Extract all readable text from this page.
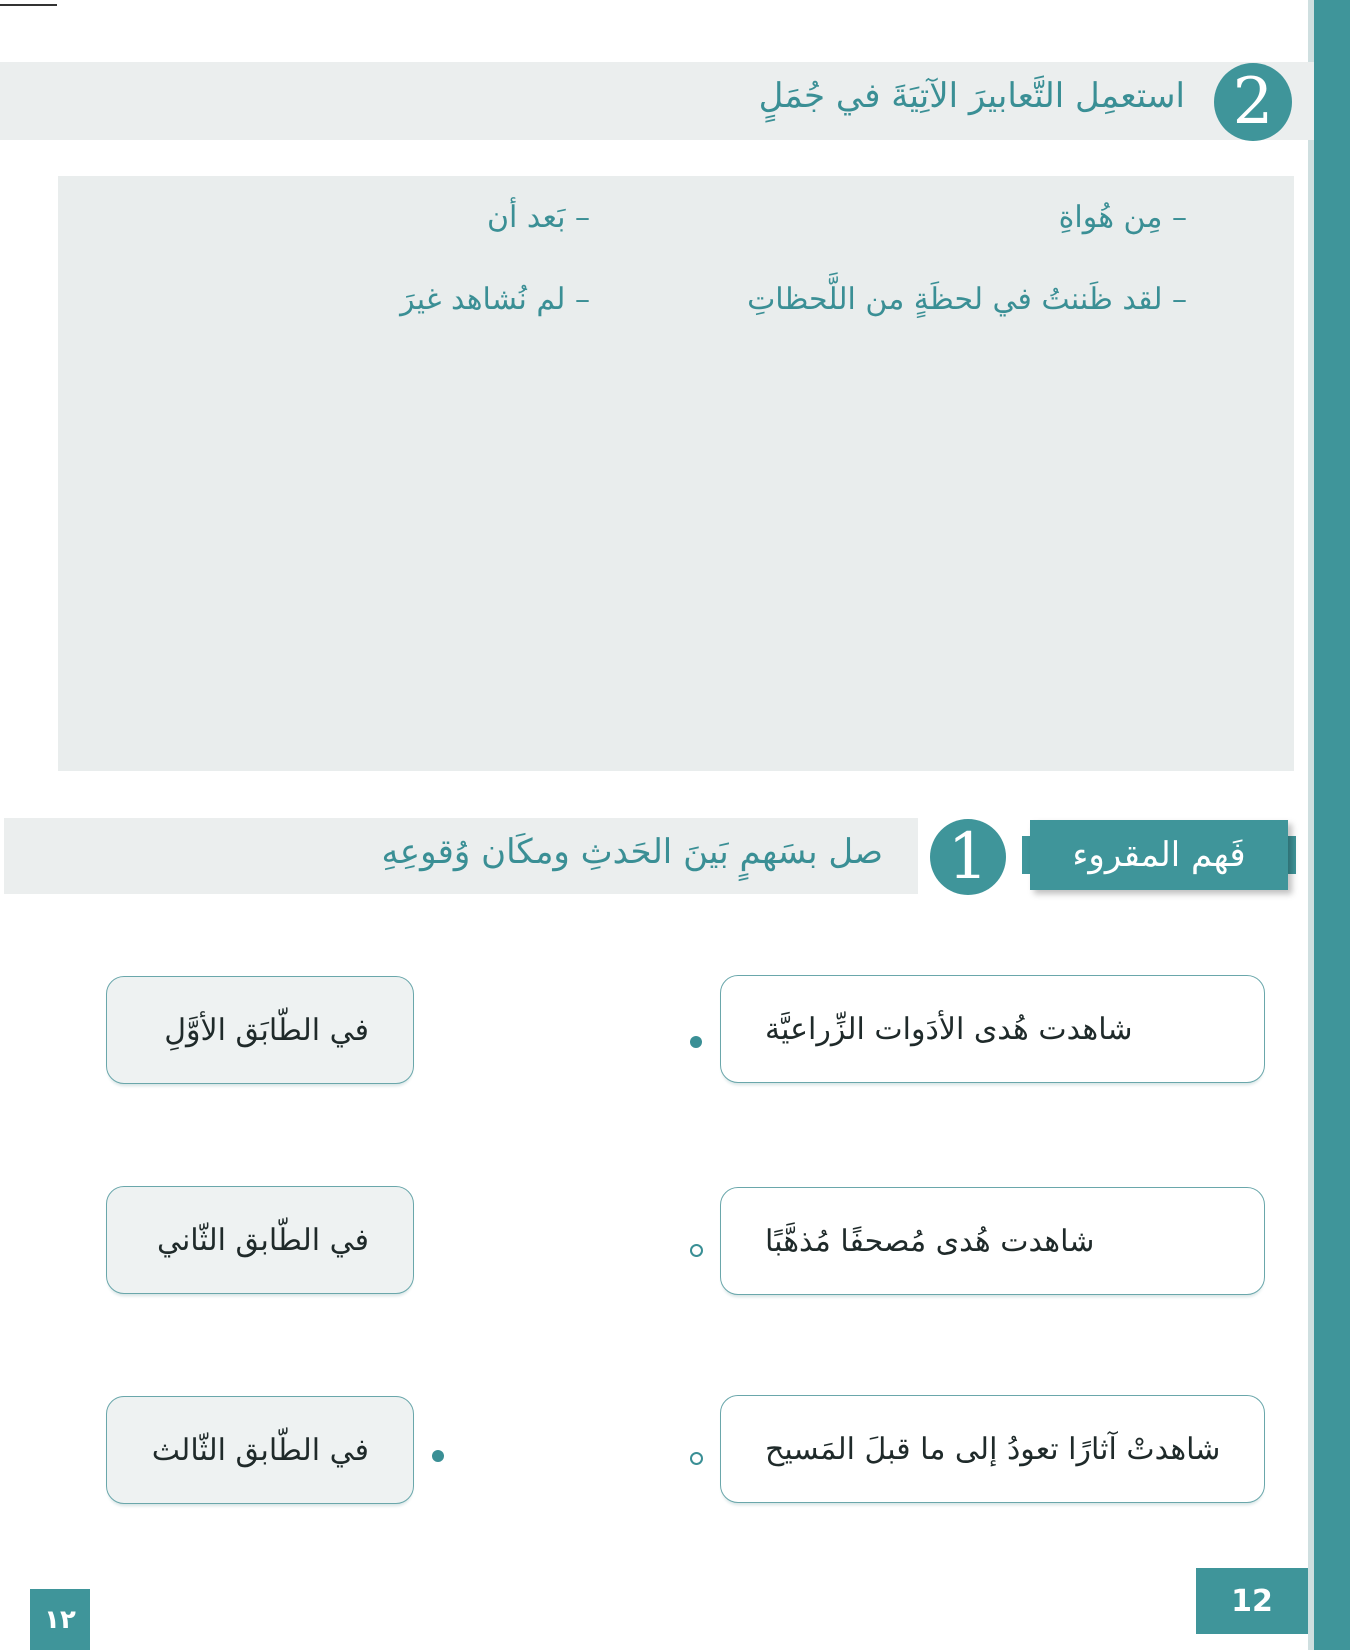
استعمِل التَّعابيرَ الآتِيَةَ في جُمَلٍ 2
– مِن هُواةِ
– بَعد أن
– لقد ظَننتُ في لحظَةٍ من اللَّحظاتِ
– لم نُشاهد غيرَ
صل بسَهمٍ بَينَ الحَدثِ ومكَان وُقوعِهِ 1	فَهم المقروء
شاهدت هُدى الأدَوات الزِّراعيَّة
شاهدت هُدى مُصحفًا مُذهَّبًا
شاهدتْ آثارًا تعودُ إلى ما قبلَ المَسيح
في الطّابَق الأوَّلِ
في الطّابق الثّاني
في الطّابق الثّالث
١٢
12
